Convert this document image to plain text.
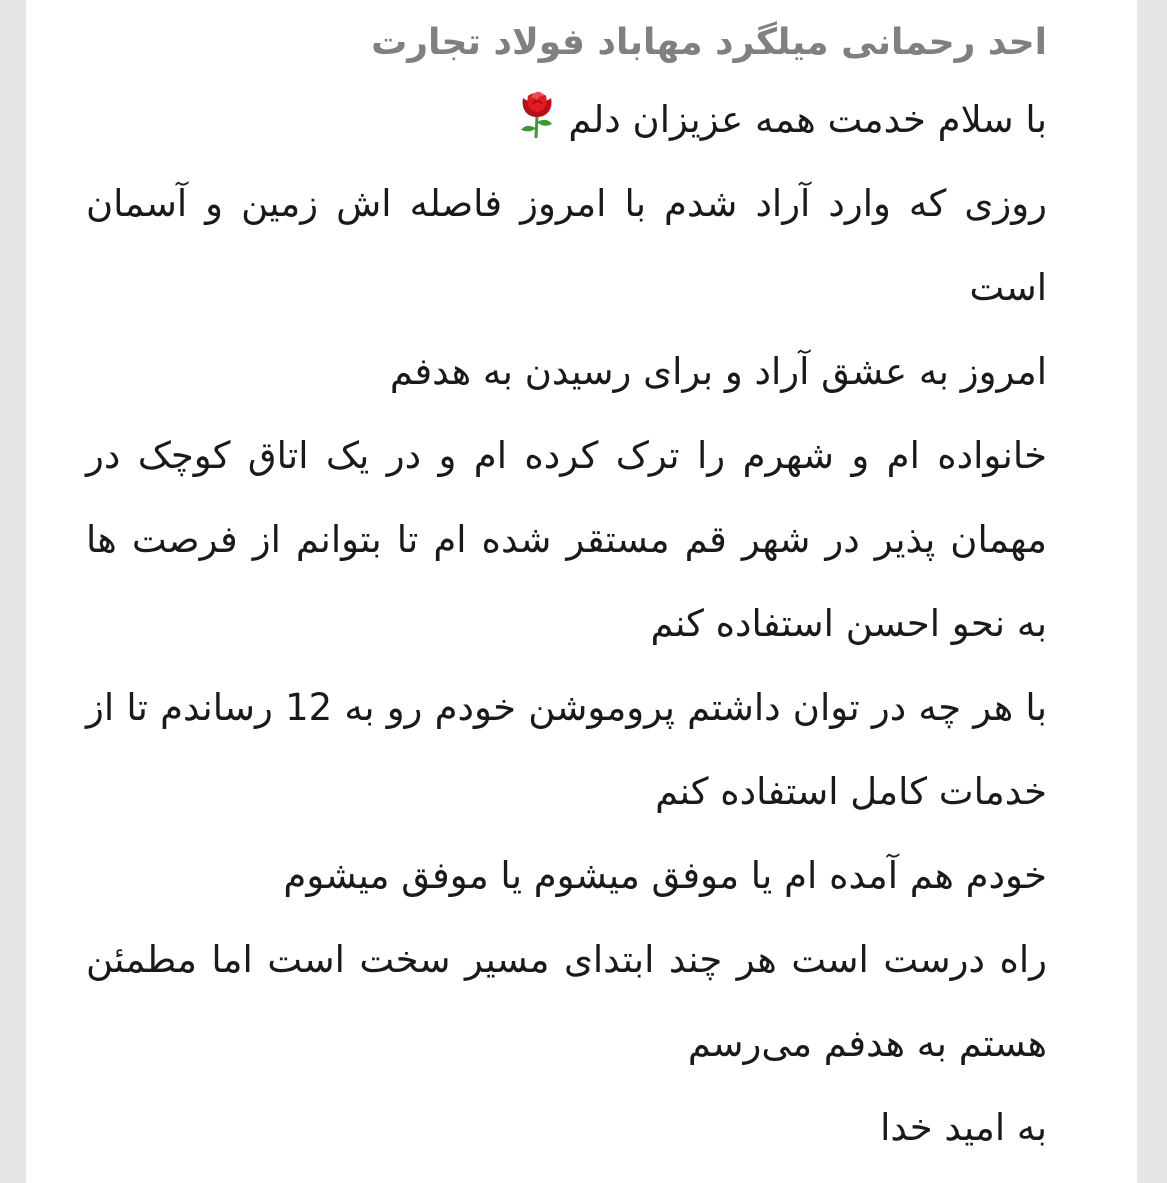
احد رحمانی میلگرد مهاباد فولاد تجارت

با سلام خدمت همه عزیزان دلم

روزی که وارد آراد شدم با امروز فاصله اش زمین و آسمان است

امروز به عشق آراد و برای رسیدن به هدفم

خانواده ام و شهرم را ترک کرده ام و در یک اتاق کوچک در مهمان پذیر در شهر قم مستقر شده ام تا بتوانم از فرصت ها به نحو احسن استفاده کنم

با هر چه در توان داشتم پروموشن خودم رو به 12 رساندم تا از خدمات کامل استفاده کنم

خودم هم آمده ام یا موفق میشوم یا موفق میشوم

راه درست است هر چند ابتدای مسیر سخت است اما مطمئن هستم به هدفم می‌رسم

به امید خدا
